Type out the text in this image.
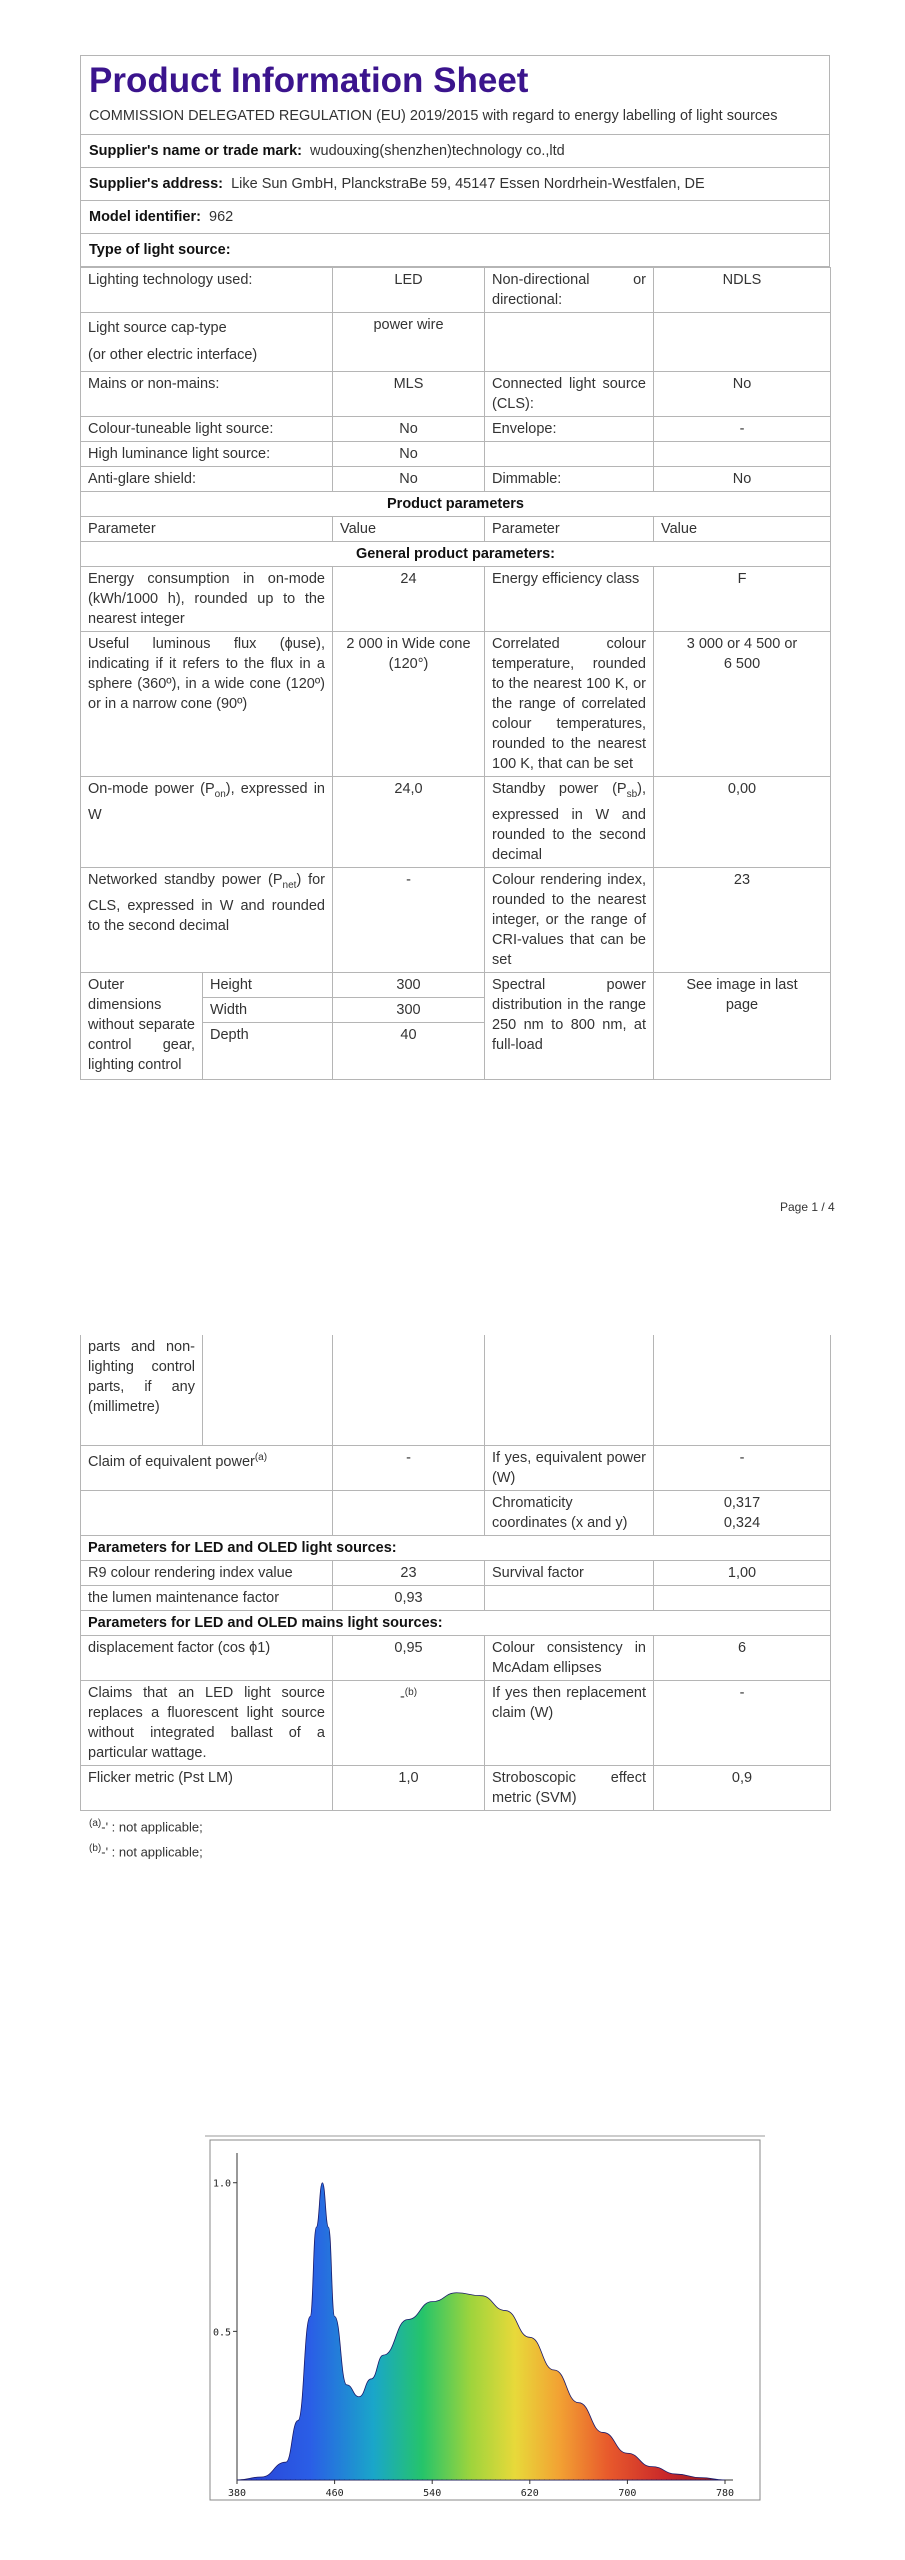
Product Information Sheet
COMMISSION DELEGATED REGULATION (EU) 2019/2015 with regard to energy labelling of light sources
Supplier's name or trade mark: wudouxing(shenzhen)technology co.,ltd
Supplier's address: Like Sun GmbH, PlanckstraBe 59, 45147 Essen Nordrhein-Westfalen, DE
Model identifier: 962
Type of light source:
Lighting technology used:		LED	Non-directional or directional:	NDLS
Light source cap-type
(or other electric interface)		power wire		
Mains or non-mains:		MLS	Connected light source (CLS):	No
Colour-tuneable light source:		No	Envelope:	-
High luminance light source:		No		
Anti-glare shield:		No	Dimmable:	No
Product parameters				
Parameter		Value	Parameter	Value
General product parameters:				
Energy consumption in on-mode (kWh/1000 h), rounded up to the nearest integer		24	Energy efficiency class	F
Useful luminous flux (ϕuse), indicating if it refers to the flux in a sphere (360º), in a wide cone (120º) or in a narrow cone (90º)		2 000 in Wide cone (120°)	Correlated colour temperature, rounded to the nearest 100 K, or the range of correlated colour temperatures, rounded to the nearest 100 K, that can be set	3 000 or 4 500 or 6 500
On-mode power $(P_{on})$, expressed in W		24,0	Standby power $(P_{sb})$, expressed in W and rounded to the second decimal	0,00
Networked standby power $(P_{net})$ for CLS, expressed in W and rounded to the second decimal		-	Colour rendering index, rounded to the nearest integer, or the range of CRI-values that can be set	23
Outer dimensions without separate control gear, lighting control	Height	300	Spectral power distribution in the range 250 nm to 800 nm, at full-load	See image in last page
	Width	300		
	Depth	40		
Page 1 / 4
parts and non-lighting control parts, if any (millimetre)				
Claim of equivalent power$^{(a)}$		-	If yes, equivalent power (W)	-
			Chromaticity coordinates (x and y)	0,317
0,324
Parameters for LED and OLED light sources:				
R9 colour rendering index value		23	Survival factor	1,00
the lumen maintenance factor		0,93		
Parameters for LED and OLED mains light sources:				
displacement factor (cos ϕ1)		0,95	Colour consistency in McAdam ellipses	6
Claims that an LED light source replaces a fluorescent light source without integrated ballast of a particular wattage.		-$^{(b)}$	If yes then replacement claim (W)	-
Flicker metric (Pst LM)		1,0	Stroboscopic effect metric (SVM)	0,9
$^{(a)}$-' : not applicable;
$^{(b)}$-' : not applicable;
380	460	540	620	700	780
1.0
0.5
